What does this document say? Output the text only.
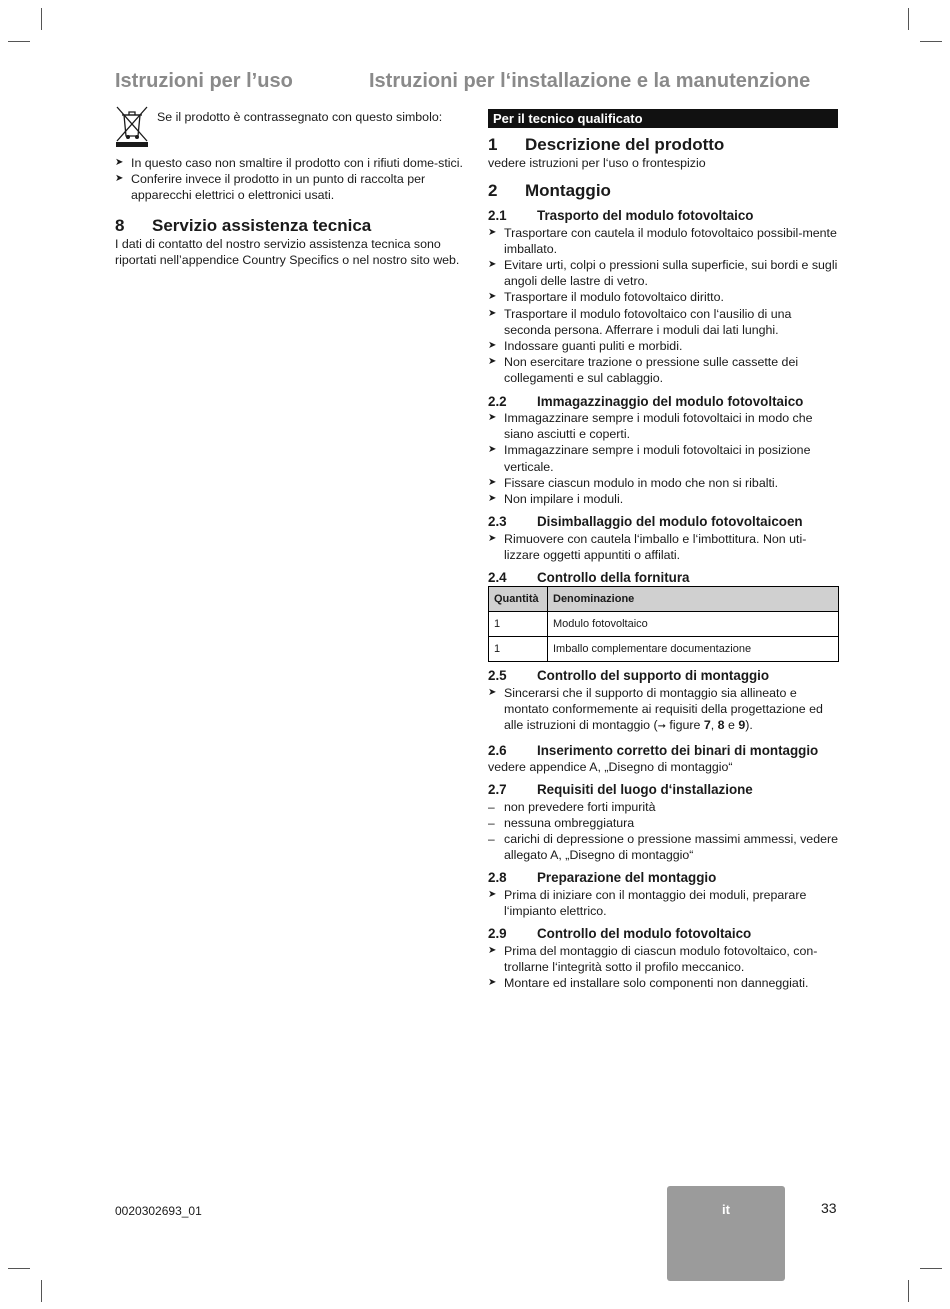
Istruzioni per l’uso	Istruzioni per l‘installazione e la manutenzione

Se il prodotto è contrassegnato con questo simbolo:

➤ In questo caso non smaltire il prodotto con i rifiuti dome-stici.
➤ Conferire invece il prodotto in un punto di raccolta per apparecchi elettrici o elettronici usati.
8	Servizio assistenza tecnica

I dati di contatto del nostro servizio assistenza tecnica sono riportati nell’appendice Country Specifics o nel nostro sito web.

Per il tecnico qualificato
1	Descrizione del prodotto

vedere istruzioni per l‘uso o frontespizio

2	Montaggio
2.1	Trasporto del modulo fotovoltaico
➤ Trasportare con cautela il modulo fotovoltaico possibil-mente imballato.
➤ Evitare urti, colpi o pressioni sulla superficie, sui bordi e sugli angoli delle lastre di vetro.
➤ Trasportare il modulo fotovoltaico diritto.
➤ Trasportare il modulo fotovoltaico con l‘ausilio di una seconda persona. Afferrare i moduli dai lati lunghi.
➤ Indossare guanti puliti e morbidi.
➤ Non esercitare trazione o pressione sulle cassette dei collegamenti e sul cablaggio.
2.2	Immagazzinaggio del modulo fotovoltaico
➤ Immagazzinare sempre i moduli fotovoltaici in modo che siano asciutti e coperti.
➤ Immagazzinare sempre i moduli fotovoltaici in posizione verticale.
➤ Fissare ciascun modulo in modo che non si ribalti.
➤ Non impilare i moduli.
2.3	Disimballaggio del modulo fotovoltaicoen
➤ Rimuovere con cautela l‘imballo e l‘imbottitura. Non uti-lizzare oggetti appuntiti o affilati.
2.4	Controllo della fornitura
Quantità	Denominazione
1	Modulo fotovoltaico
1	Imballo complementare documentazione
2.5	Controllo del supporto di montaggio
➤ Sincerarsi che il supporto di montaggio sia allineato e montato conformemente ai requisiti della progettazione ed alle istruzioni di montaggio (➞ figure 7, 8 e 9).
2.6	Inserimento corretto dei binari di montaggio

vedere appendice A, „Disegno di montaggio“

2.7	Requisiti del luogo d‘installazione
– non prevedere forti impurità
– nessuna ombreggiatura
– carichi di depressione o pressione massimi ammessi, vedere allegato A, „Disegno di montaggio“
2.8	Preparazione del montaggio
➤ Prima di iniziare con il montaggio dei moduli, preparare l‘impianto elettrico.
2.9	Controllo del modulo fotovoltaico
➤ Prima del montaggio di ciascun modulo fotovoltaico, con-trollarne l‘integrità sotto il profilo meccanico.
➤ Montare ed installare solo componenti non danneggiati.
0020302693_01	it	33
